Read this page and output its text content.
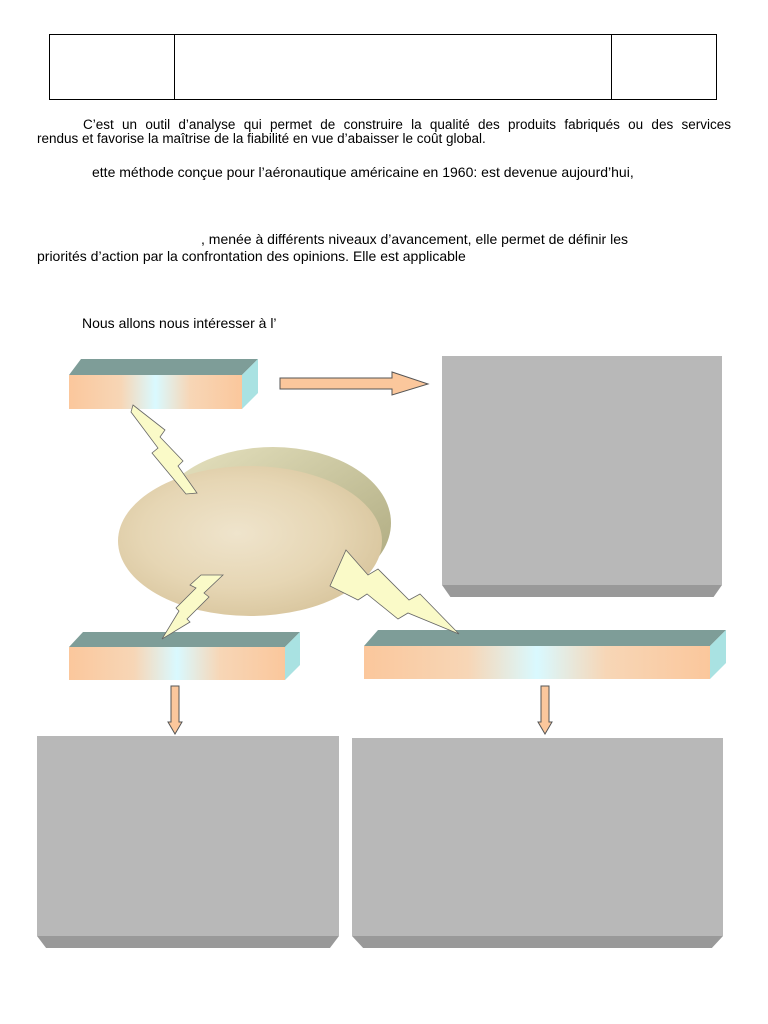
C’est un outil d’analyse qui permet de construire la qualité des produits fabriqués ou des services
rendus et favorise la maîtrise de la fiabilité en vue d’abaisser le coût global.
ette méthode conçue pour l’aéronautique américaine en 1960: est devenue aujourd’hui,
, menée à différents niveaux d’avancement, elle permet de définir les
priorités d’action par la confrontation des opinions. Elle est applicable
Nous allons nous intéresser à l’
